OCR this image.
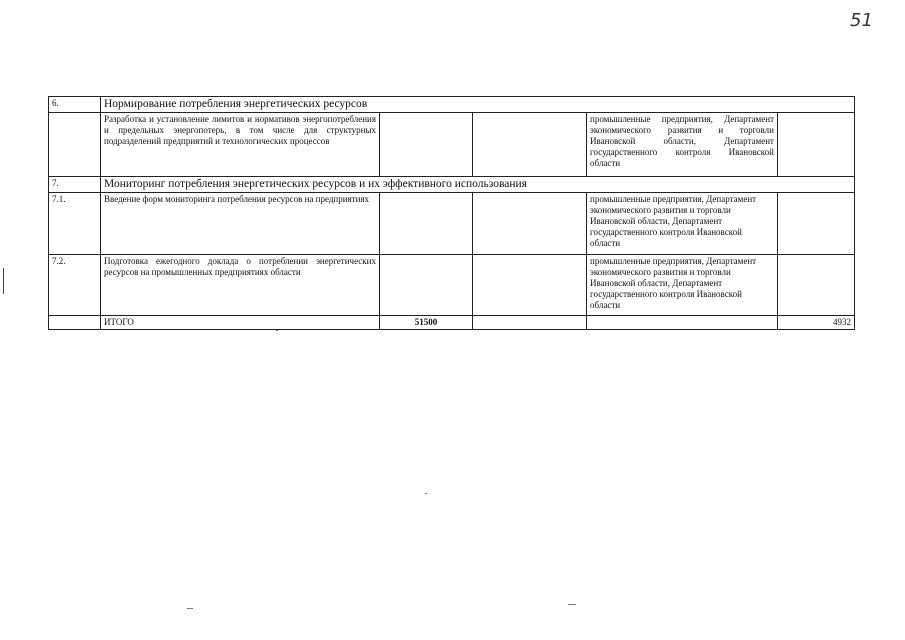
51
6.	Нормирование потребления энергетических ресурсов				
	Разработка и установление лимитов и нормативов энергопотребления и предельных энергопотерь, в том числе для структурных подразделений предприятий и технологических процессов			промышленные предприятия, Департамент экономического развития и торговли Ивановской области, Департамент государственного контроля Ивановской области	
7.	Мониторинг потребления энергетических ресурсов и их эффективного использования				
7.1.	Введение форм мониторинга потребления ресурсов на предприятиях			промышленные предприятия, Департамент экономического развития и торговли Ивановской области, Департамент государственного контроля Ивановской области	
7.2.	Подготовка ежегодного доклада о потреблении энергетических ресурсов на промышленных предприятиях области			промышленные предприятия, Департамент экономического развития и торговли Ивановской области, Департамент государственного контроля Ивановской области	
	ИТОГО	51500			4932
